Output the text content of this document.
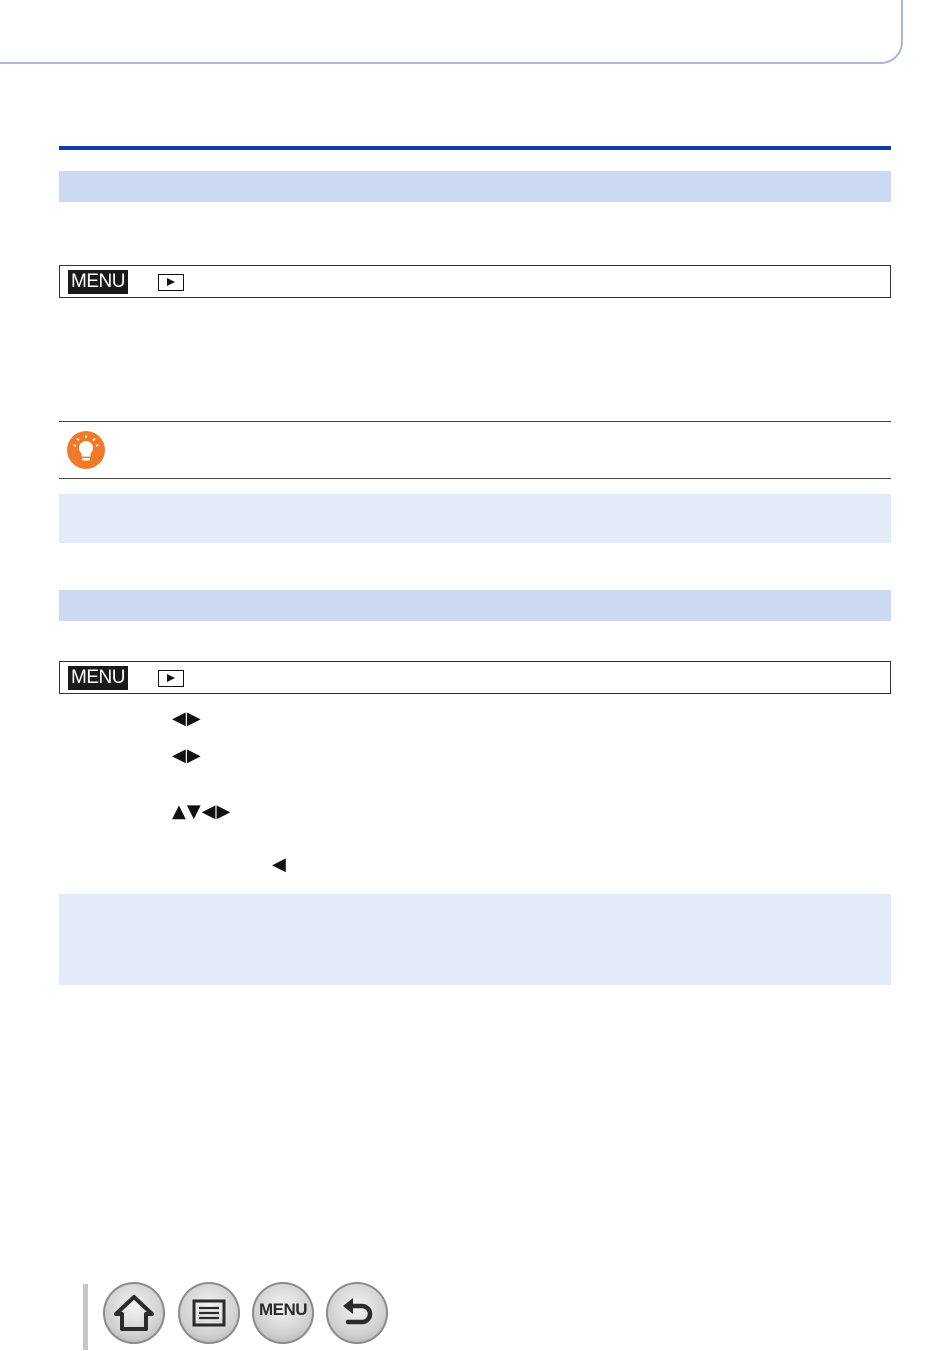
MENU
MENU
◀▶
◀▶
▲▼◀▶
◀
MENU
